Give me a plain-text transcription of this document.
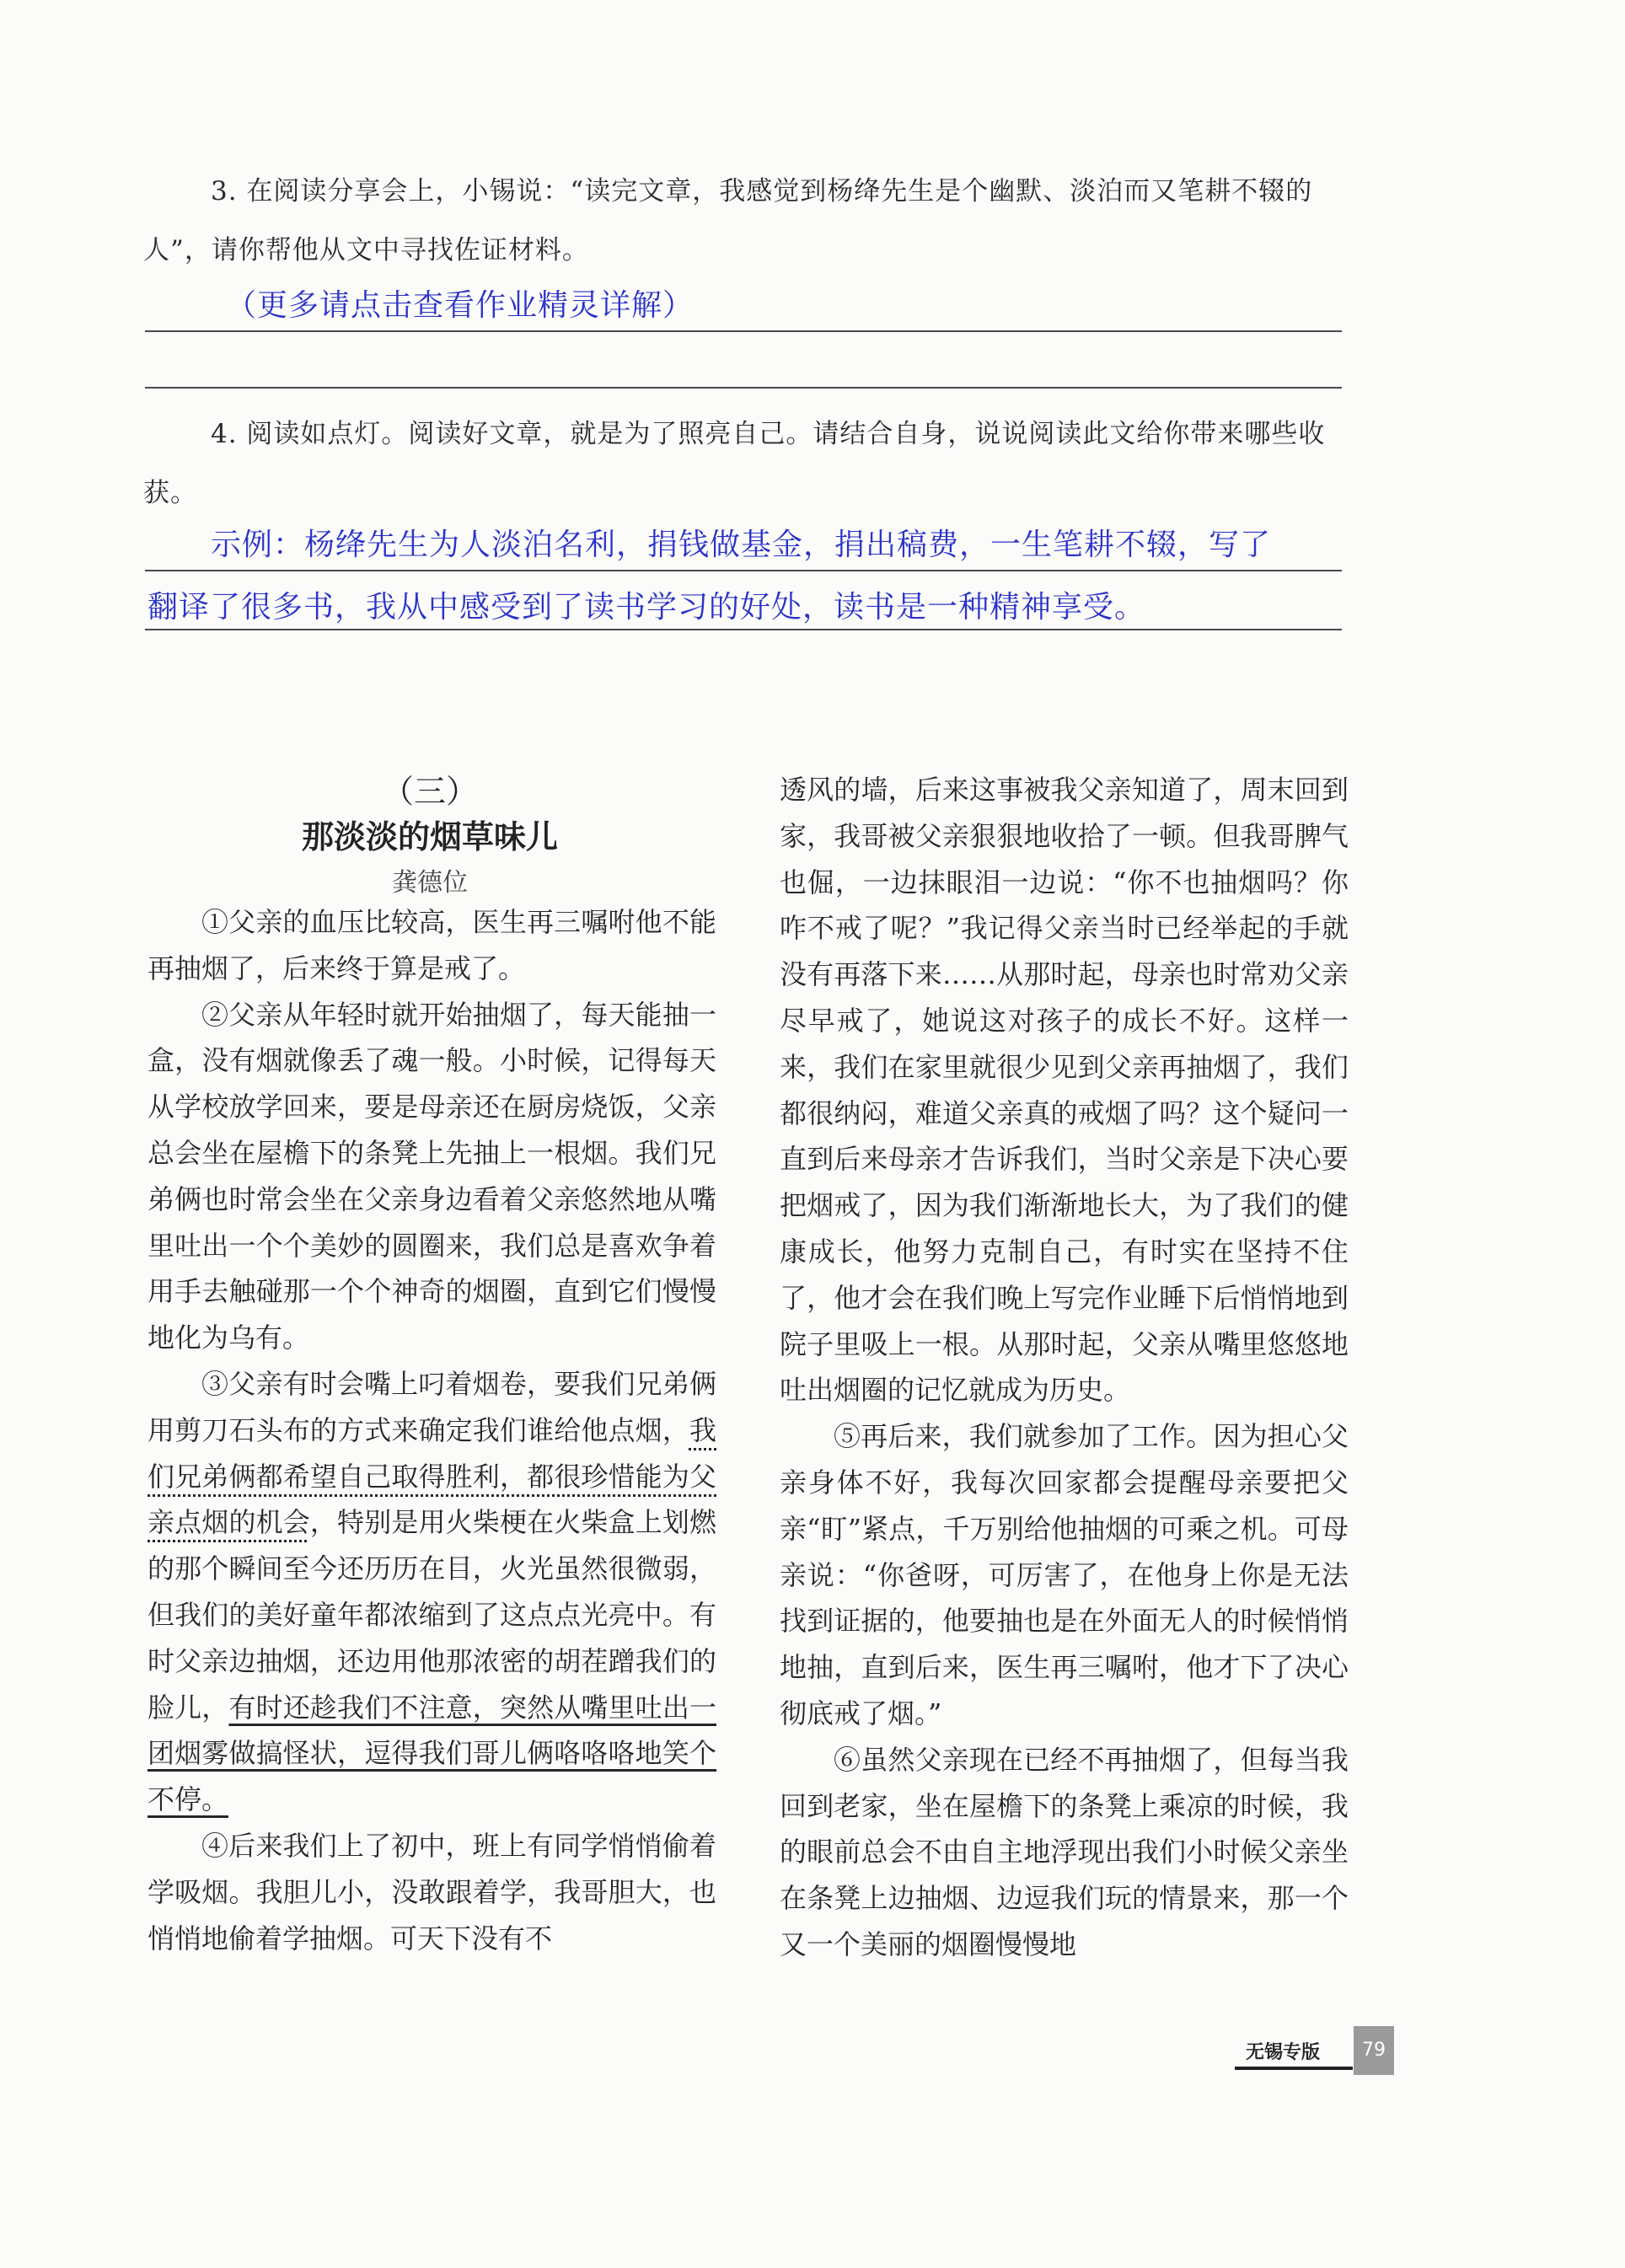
3. 在阅读分享会上，小锡说：“读完文章，我感觉到杨绛先生是个幽默、淡泊而又笔耕不辍的人”，请你帮他从文中寻找佐证材料。
（更多请点击查看作业精灵详解）
4. 阅读如点灯。阅读好文章，就是为了照亮自己。请结合自身，说说阅读此文给你带来哪些收获。
示例：杨绛先生为人淡泊名利，捐钱做基金，捐出稿费，一生笔耕不辍，写了
翻译了很多书，我从中感受到了读书学习的好处，读书是一种精神享受。
（三）
那淡淡的烟草味儿
龚德位

①父亲的血压比较高，医生再三嘱咐他不能再抽烟了，后来终于算是戒了。

②父亲从年轻时就开始抽烟了，每天能抽一盒，没有烟就像丢了魂一般。小时候，记得每天从学校放学回来，要是母亲还在厨房烧饭，父亲总会坐在屋檐下的条凳上先抽上一根烟。我们兄弟俩也时常会坐在父亲身边看着父亲悠然地从嘴里吐出一个个美妙的圆圈来，我们总是喜欢争着用手去触碰那一个个神奇的烟圈，直到它们慢慢地化为乌有。

③父亲有时会嘴上叼着烟卷，要我们兄弟俩用剪刀石头布的方式来确定我们谁给他点烟，我们兄弟俩都希望自己取得胜利，都很珍惜能为父亲点烟的机会，特别是用火柴梗在火柴盒上划燃的那个瞬间至今还历历在目，火光虽然很微弱，但我们的美好童年都浓缩到了这点点光亮中。有时父亲边抽烟，还边用他那浓密的胡茬蹭我们的脸儿，有时还趁我们不注意，突然从嘴里吐出一团烟雾做搞怪状，逗得我们哥儿俩咯咯咯地笑个不停。

④后来我们上了初中，班上有同学悄悄偷着学吸烟。我胆儿小，没敢跟着学，我哥胆大，也悄悄地偷着学抽烟。可天下没有不

透风的墙，后来这事被我父亲知道了，周末回到家，我哥被父亲狠狠地收拾了一顿。但我哥脾气也倔，一边抹眼泪一边说：“你不也抽烟吗？你咋不戒了呢？”我记得父亲当时已经举起的手就没有再落下来……从那时起，母亲也时常劝父亲尽早戒了，她说这对孩子的成长不好。这样一来，我们在家里就很少见到父亲再抽烟了，我们都很纳闷，难道父亲真的戒烟了吗？这个疑问一直到后来母亲才告诉我们，当时父亲是下决心要把烟戒了，因为我们渐渐地长大，为了我们的健康成长，他努力克制自己，有时实在坚持不住了，他才会在我们晚上写完作业睡下后悄悄地到院子里吸上一根。从那时起，父亲从嘴里悠悠地吐出烟圈的记忆就成为历史。

⑤再后来，我们就参加了工作。因为担心父亲身体不好，我每次回家都会提醒母亲要把父亲“盯”紧点，千万别给他抽烟的可乘之机。可母亲说：“你爸呀，可厉害了，在他身上你是无法找到证据的，他要抽也是在外面无人的时候悄悄地抽，直到后来，医生再三嘱咐，他才下了决心彻底戒了烟。”

⑥虽然父亲现在已经不再抽烟了，但每当我回到老家，坐在屋檐下的条凳上乘凉的时候，我的眼前总会不由自主地浮现出我们小时候父亲坐在条凳上边抽烟、边逗我们玩的情景来，那一个又一个美丽的烟圈慢慢地

无锡专版	79
